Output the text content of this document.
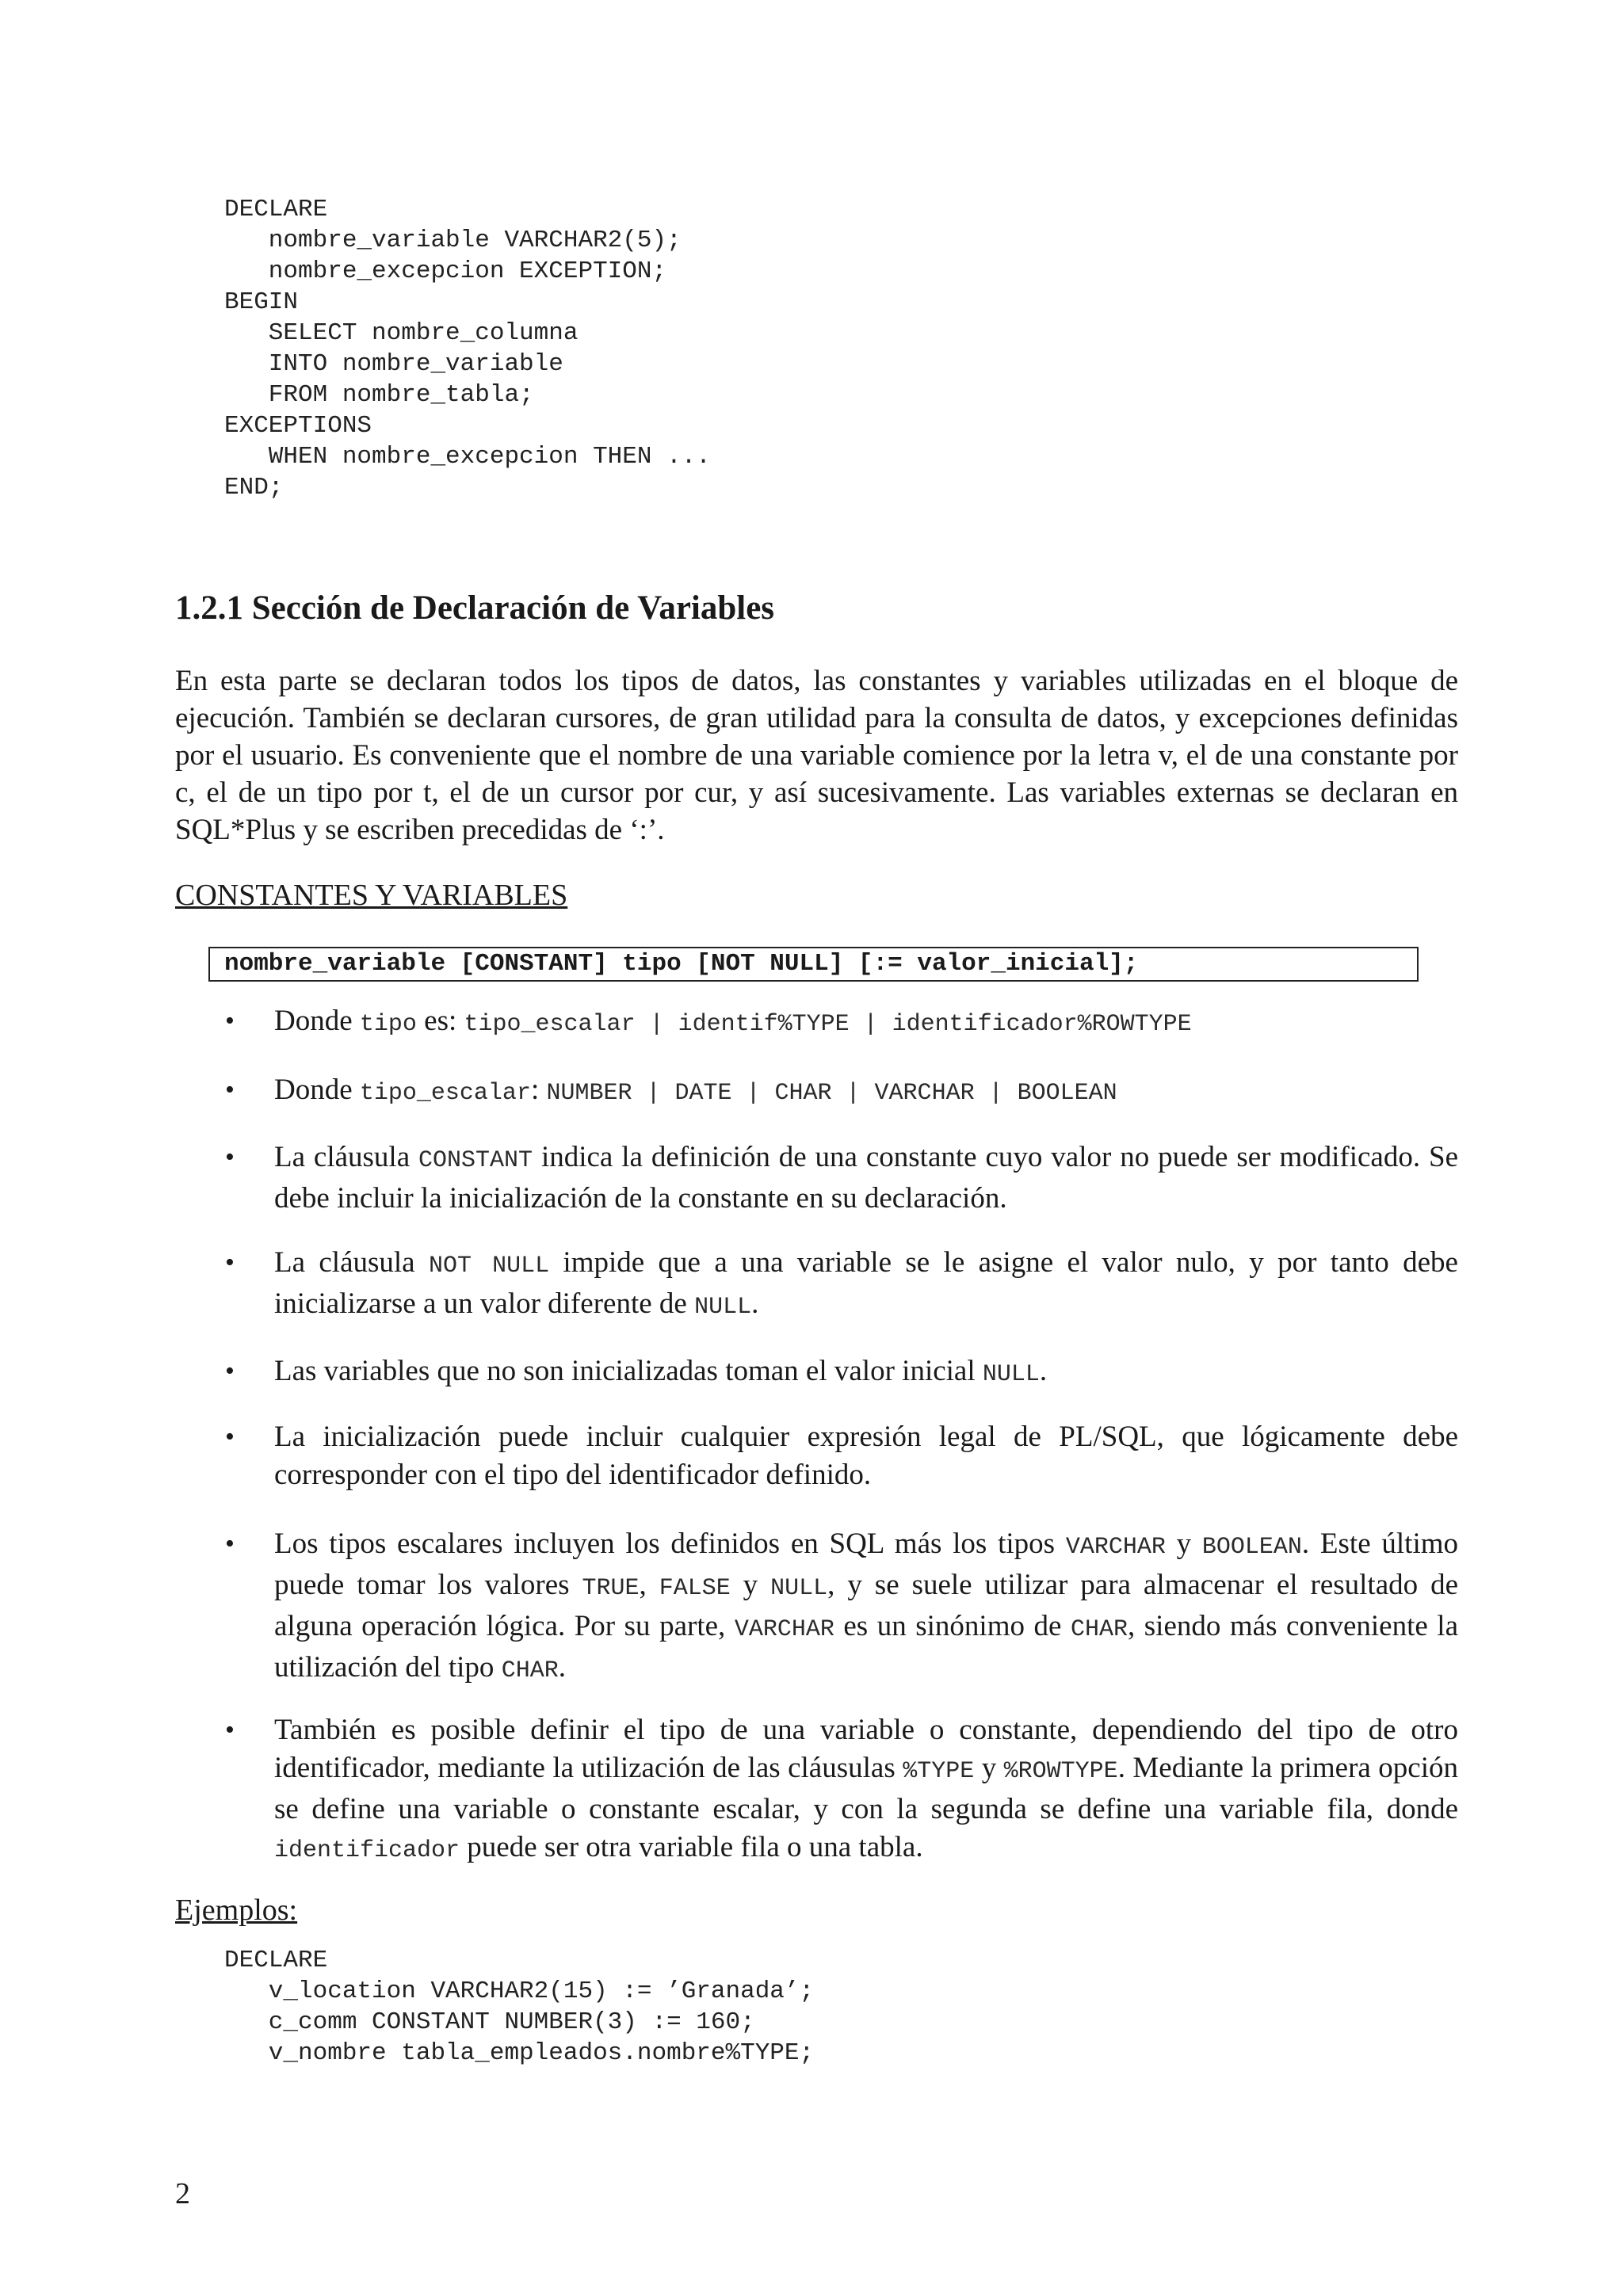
DECLARE
nombre_variable VARCHAR2(5);
nombre_excepcion EXCEPTION;
BEGIN
SELECT nombre_columna
INTO nombre_variable
FROM nombre_tabla;
EXCEPTIONS
WHEN nombre_excepcion THEN ...
END;
1.2.1 Sección de Declaración de Variables

En esta parte se declaran todos los tipos de datos, las constantes y variables utilizadas en el bloque de ejecución. También se declaran cursores, de gran utilidad para la consulta de datos, y excepciones definidas por el usuario. Es conveniente que el nombre de una variable comience por la letra v, el de una constante por c, el de un tipo por t, el de un cursor por cur, y así sucesivamente. Las variables externas se declaran en SQL*Plus y se escriben precedidas de ‘:’.

CONSTANTES Y VARIABLES

nombre_variable [CONSTANT] tipo [NOT NULL] [:= valor_inicial];
• Donde tipo es: tipo_escalar | identif%TYPE | identificador%ROWTYPE
• Donde tipo_escalar: NUMBER | DATE | CHAR | VARCHAR | BOOLEAN
• La cláusula CONSTANT indica la definición de una constante cuyo valor no puede ser modificado. Se debe incluir la inicialización de la constante en su declaración.
• La cláusula NOT NULL impide que a una variable se le asigne el valor nulo, y por tanto debe inicializarse a un valor diferente de NULL.
• Las variables que no son inicializadas toman el valor inicial NULL.
• La inicialización puede incluir cualquier expresión legal de PL/SQL, que lógicamente debe corresponder con el tipo del identificador definido.
• Los tipos escalares incluyen los definidos en SQL más los tipos VARCHAR y BOOLEAN. Este último puede tomar los valores TRUE, FALSE y NULL, y se suele utilizar para almacenar el resultado de alguna operación lógica. Por su parte, VARCHAR es un sinónimo de CHAR, siendo más conveniente la utilización del tipo CHAR.
• También es posible definir el tipo de una variable o constante, dependiendo del tipo de otro identificador, mediante la utilización de las cláusulas %TYPE y %ROWTYPE. Mediante la primera opción se define una variable o constante escalar, y con la segunda se define una variable fila, donde identificador puede ser otra variable fila o una tabla.

Ejemplos:

DECLARE
v_location VARCHAR2(15) := ’Granada’;
c_comm CONSTANT NUMBER(3) := 160;
v_nombre tabla_empleados.nombre%TYPE;
2
